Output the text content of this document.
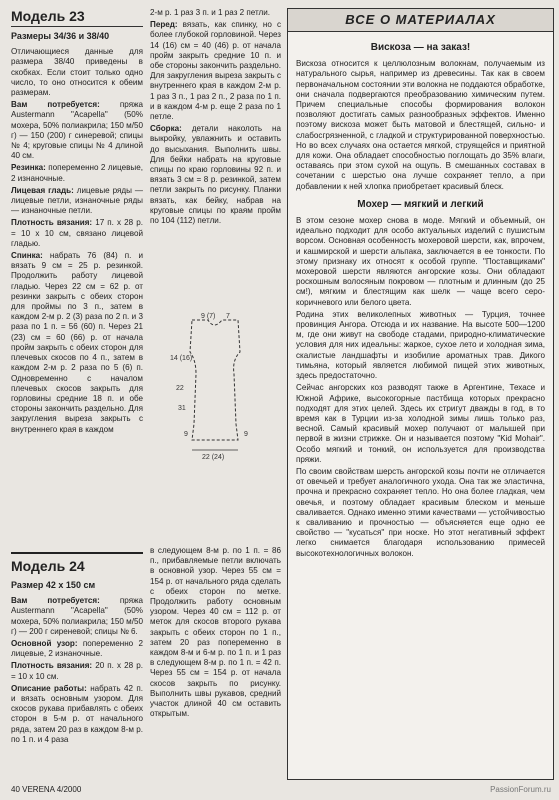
Модель 23
Размеры 34/36 и 38/40

Отличающиеся данные для размера 38/40 приведены в скобках. Если стоит только одно число, то оно относится к обеим размерам.

Вам потребуется: пряжа Austermann "Acapella" (50% мохера, 50% полиакрила; 150 м/50 г) — 150 (200) г синеревой; спицы № 4; круговые спицы № 4 длиной 40 см.

Резинка: попеременно 2 лицевые, 2 изнаночные.

Лицевая гладь: лицевые ряды — лицевые петли, изнаночные ряды — изнаночные петли.

Плотность вязания: 17 п. х 28 р. = 10 х 10 см, связано лицевой гладью.

Спинка: набрать 76 (84) п. и вязать 9 см = 25 р. резинкой. Продолжить работу лицевой гладью. Через 22 см = 62 р. от резинки закрыть с обеих сторон для проймы по 3 п., затем в каждом 2-м р. 2 (3) раза по 2 п. и 3 раза по 1 п. = 56 (60) п. Через 21 (23) см = 60 (66) р. от начала пройм закрыть с обеих сторон для плечевых скосов по 4 п., затем в каждом 2-м р. 2 раза по 5 (6) п. Одновременно с началом плечевых скосов закрыть для горловины средние 18 п. и обе стороны закончить раздельно. Для закругления выреза закрыть с внутреннего края в каждом

2-м р. 1 раз 3 п. и 1 раз 2 петли.

Перед: вязать, как спинку, но с более глубокой горловиной. Через 14 (16) см = 40 (46) р. от начала пройм закрыть средние 10 п. и обе стороны закончить раздельно. Для закругления выреза закрыть с внутреннего края в каждом 2-м р. 1 раз 3 п., 1 раз 2 п., 2 раза по 1 п. и в каждом 4-м р. еще 2 раза по 1 петле.

Сборка: детали наколоть на выкройку, увлажнить и оставить до высыхания. Выполнить швы. Для бейки набрать на круговые спицы по краю горловины 92 п. и вязать 3 см = 8 р. резинкой, затем петли закрыть по рисунку. Планки вязать, как бейку, набрав на круговые спицы по краям пройм по 104 (112) петли.

9 (7) 7
14 (16)
22
31
9	9
22 (24)
Модель 24
Размер 42 х 150 см

Вам потребуется: пряжа Austermann "Acapella" (50% мохера, 50% полиакрила; 150 м/50 г) — 200 г сиреневой; спицы № 6.

Основной узор: попеременно 2 лицевые, 2 изнаночные.

Плотность вязания: 20 п. х 28 р. = 10 х 10 см.

Описание работы: набрать 42 п. и вязать основным узором. Для скосов рукава прибавлять с обеих сторон в 5-м р. от начального ряда, затем 20 раз в каждом 8-м р. по 1 п. и 4 раза

в следующем 8-м р. по 1 п. = 86 п., прибавляемые петли включать в основной узор. Через 55 см = 154 р. от начального ряда сделать с обеих сторон по метке. Продолжить работу основным узором. Через 40 см = 112 р. от меток для скосов второго рукава закрыть с обеих сторон по 1 п., затем 20 раз попеременно в каждом 8-м и 6-м р. по 1 п. и 1 раз в следующем 8-м р. по 1 п. = 42 п. Через 55 см = 154 р. от начала скосов закрыть по рисунку. Выполнить швы рукавов, средний участок длиной 40 см оставить открытым.

ВСЕ О МАТЕРИАЛАХ
Вискоза — на заказ!

Вискоза относится к целлюлозным волокнам, получаемым из натурального сырья, например из древесины. Так как в своем первоначальном состоянии эти волокна не поддаются обработке, они сначала подвергаются преобразованию химическим путем. Причем специальные способы формирования волокон позволяют достигать самых разнообразных эффектов. Именно поэтому вискоза может быть матовой и блестящей, сильно- и слабосгрязненной, с гладкой и структурированной поверхностью. Но во всех случаях она остается мягкой, струящейся и приятной для кожи. Она обладает способностью поглощать до 35% влаги, оставаясь при этом сухой на ощупь. В смешанных составах в сочетании с шерстью она лучше сохраняет тепло, а при добавлении к ней хлопка приобретает красивый блеск.

Мохер — мягкий и легкий

В этом сезоне мохер снова в моде. Мягкий и объемный, он идеально подходит для особо актуальных изделий с пушистым ворсом. Основная особенность мохеровой шерсти, как, впрочем, и кашмирской и шерсти альпака, заключается в ее тонкости. По этому признаку их относят к особой группе. "Поставщиками" мохеровой шерсти являются ангорские козы. Они обладают роскошным волосяным покровом — плотным и длинным (до 25 см!), мягким и блестящим как шелк — чаще всего серо-коричневого или белого цвета.

Родина этих великолепных животных — Турция, точнее провинция Ангора. Отсюда и их название. На высоте 500—1200 м, где они живут на свободе стадами, природно-климатические условия для них идеальны: жаркое, сухое лето и холодная зима, скалистые ландшафты и изобилие ароматных трав. Дикого тимьяна, который является любимой пищей этих животных, здесь предостаточно.

Сейчас ангорских коз разводят также в Аргентине, Техасе и Южной Африке, высокогорные пастбища которых прекрасно подходят для этих целей. Здесь их стригут дважды в год, в то время как в Турции из-за холодной зимы лишь только раз, весной. Самый красивый мохер получают от малышей при первой в жизни стрижке. Он и называется поэтому "Kid Mohair". Особо мягкий и тонкий, он используется для производства пряжи.

По своим свойствам шерсть ангорской козы почти не отличается от овечьей и требует аналогичного ухода. Она так же эластична, прочна и прекрасно сохраняет тепло. Но она более гладкая, чем овечья, и поэтому обладает красивым блеском и меньше сваливается. Однако именно этими качествами — устойчивостью к сваливанию и прочностью — объясняется еще одно ее свойство — "кусаться" при носке. Но этот негативный эффект легко снимается благодаря использованию примесей высокотехнологичных волокон.

40 VERENA 4/2000	PassionForum.ru
